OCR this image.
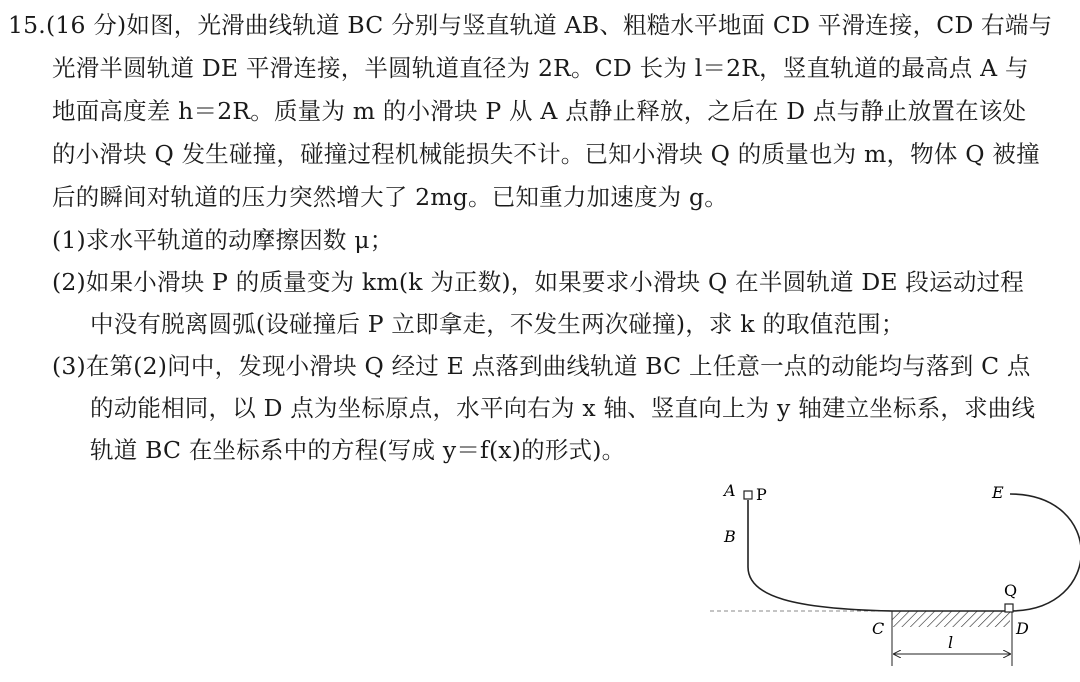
15.(16 分)如图，光滑曲线轨道 BC 分别与竖直轨道 AB、粗糙水平地面 CD 平滑连接，CD 右端与
光滑半圆轨道 DE 平滑连接，半圆轨道直径为 2R。CD 长为 l＝2R，竖直轨道的最高点 A 与
地面高度差 h＝2R。质量为 m 的小滑块 P 从 A 点静止释放，之后在 D 点与静止放置在该处
的小滑块 Q 发生碰撞，碰撞过程机械能损失不计。已知小滑块 Q 的质量也为 m，物体 Q 被撞
后的瞬间对轨道的压力突然增大了 2mg。已知重力加速度为 g。
(1)求水平轨道的动摩擦因数 μ；
(2)如果小滑块 P 的质量变为 km(k 为正数)，如果要求小滑块 Q 在半圆轨道 DE 段运动过程
中没有脱离圆弧(设碰撞后 P 立即拿走，不发生两次碰撞)，求 k 的取值范围；
(3)在第(2)问中，发现小滑块 Q 经过 E 点落到曲线轨道 BC 上任意一点的动能均与落到 C 点
的动能相同，以 D 点为坐标原点，水平向右为 x 轴、竖直向上为 y 轴建立坐标系，求曲线
轨道 BC 在坐标系中的方程(写成 y＝f(x)的形式)。
A P
B
E
Q
C	D
l
